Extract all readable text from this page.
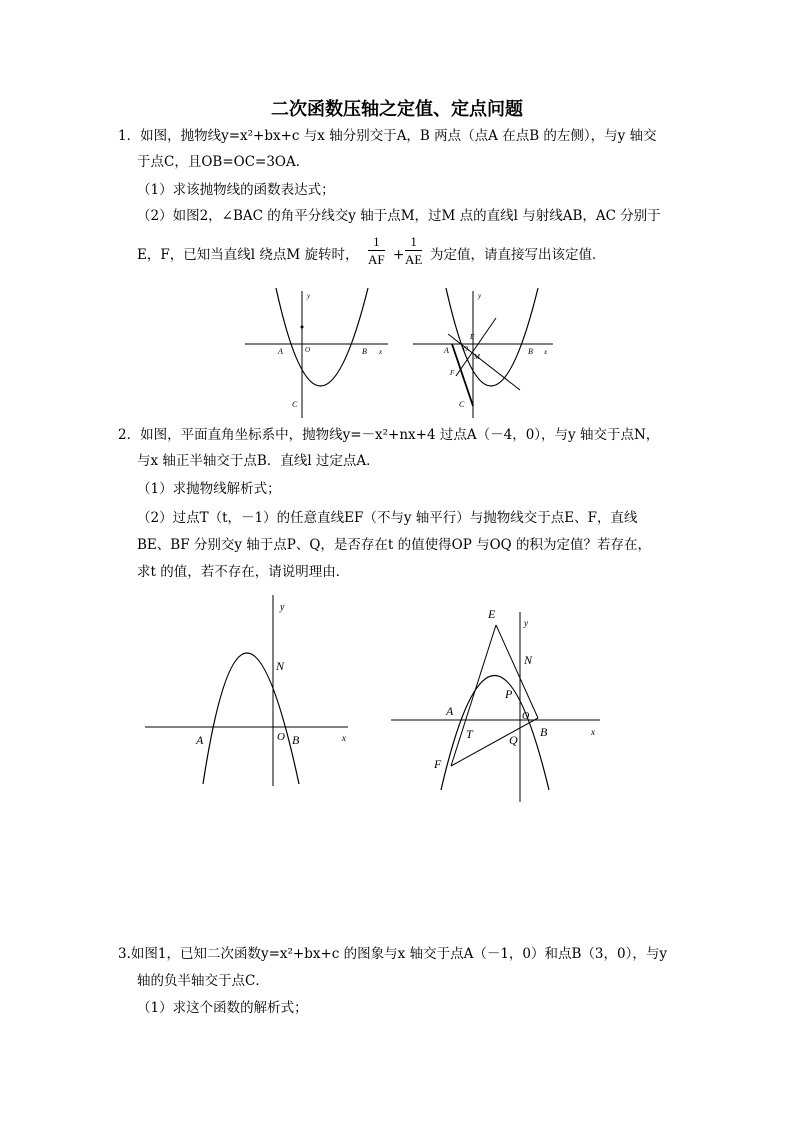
二次函数压轴之定值、定点问题
1．如图，抛物线y=x²+bx+c 与x 轴分别交于A，B 两点（点A 在点B 的左侧），与y 轴交
于点C，且OB=OC=3OA．
（1）求该抛物线的函数表达式；
（2）如图2，∠BAC 的角平分线交y 轴于点M，过M 点的直线l 与射线AB，AC 分别于
E，F，已知当直线l 绕点M 旋转时， $\frac{1}{AF} + \frac{1}{AE}$ 为定值，请直接写出该定值．
y
x
A	O	B
C
y
x
A O	B
C
E
M
F
2．如图，平面直角坐标系中，抛物线y=－x²+nx+4 过点A（－4，0），与y 轴交于点N，
与x 轴正半轴交于点B．直线l 过定点A．
（1）求抛物线解析式；
（2）过点T（t，－1）的任意直线EF（不与y 轴平行）与抛物线交于点E、F，直线
BE、BF 分别交y 轴于点P、Q，是否存在t 的值使得OP 与OQ 的积为定值？若存在，
求t 的值，若不存在，请说明理由．
y
x
N
A	O B
E
y
N
P
A	O
T	Q
B	x
F
3.如图1，已知二次函数y=x²+bx+c 的图象与x 轴交于点A（－1，0）和点B（3，0），与y
轴的负半轴交于点C．
（1）求这个函数的解析式；
